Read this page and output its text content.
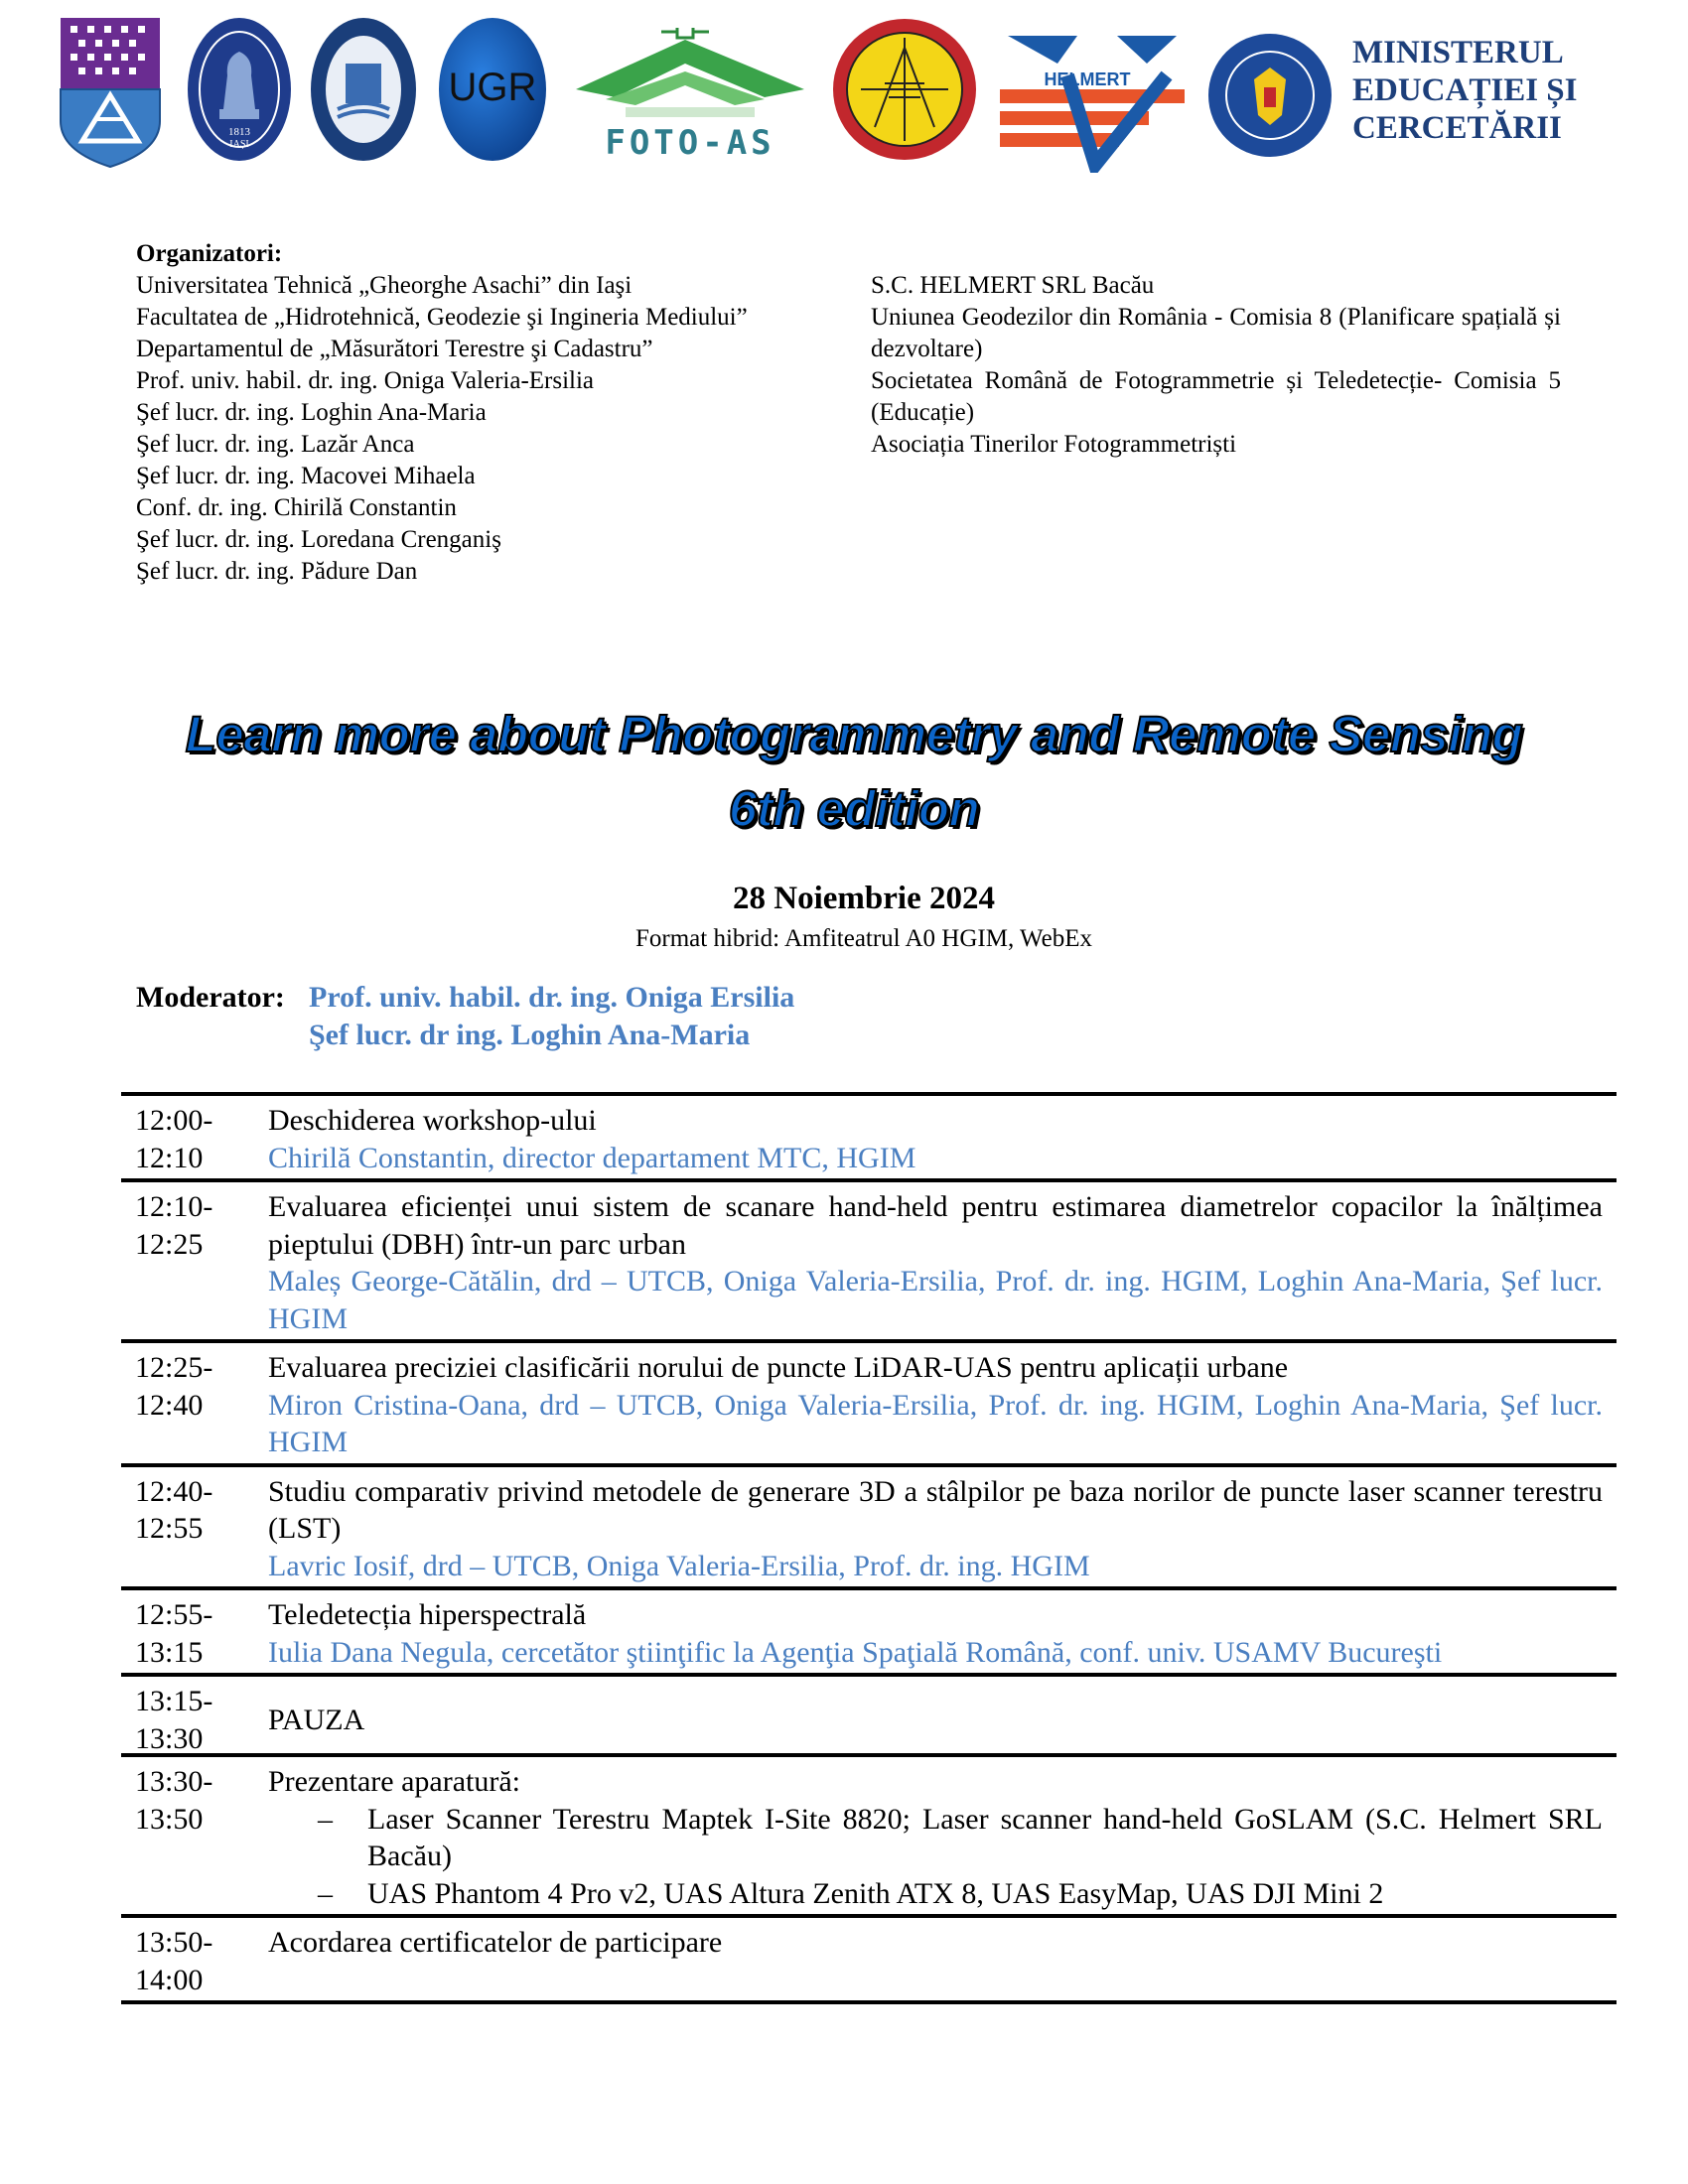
1813
IAȘI
UGR
FOTO-AS
HELMERT
MINISTERUL
EDUCAȚIEI ȘI
CERCETĂRII
Organizatori:
Universitatea Tehnică „Gheorghe Asachi” din Iaşi
Facultatea de „Hidrotehnică, Geodezie şi Ingineria Mediului”
Departamentul de „Măsurători Terestre şi Cadastru”
Prof. univ. habil. dr. ing. Oniga Valeria-Ersilia
Şef lucr. dr. ing. Loghin Ana-Maria
Şef lucr. dr. ing. Lazăr Anca
Şef lucr. dr. ing. Macovei Mihaela
Conf. dr. ing. Chirilă Constantin
Şef lucr. dr. ing. Loredana Crenganiş
Şef lucr. dr. ing. Pădure Dan
S.C. HELMERT SRL Bacău
Uniunea Geodezilor din România - Comisia 8 (Planificare spațială și dezvoltare)
Societatea Română de Fotogrammetrie și Teledetecție- Comisia 5 (Educație)
Asociația Tinerilor Fotogrammetriști
Learn more about Photogrammetry and Remote Sensing
6th edition
28 Noiembrie 2024
Format hibrid: Amfiteatrul A0 HGIM, WebEx
Moderator: Prof. univ. habil. dr. ing. Oniga Ersilia
Şef lucr. dr ing. Loghin Ana-Maria
12:00-
12:10
Deschiderea workshop-ului
Chirilă Constantin, director departament MTC, HGIM
12:10-
12:25
Evaluarea eficienței unui sistem de scanare hand-held pentru estimarea diametrelor copacilor la înălțimea pieptului (DBH) într-un parc urban
Maleș George-Cătălin, drd – UTCB, Oniga Valeria-Ersilia, Prof. dr. ing. HGIM, Loghin Ana-Maria, Şef lucr. HGIM
12:25-
12:40
Evaluarea preciziei clasificării norului de puncte LiDAR-UAS pentru aplicații urbane
Miron Cristina-Oana, drd – UTCB, Oniga Valeria-Ersilia, Prof. dr. ing. HGIM, Loghin Ana-Maria, Şef lucr. HGIM
12:40-
12:55
Studiu comparativ privind metodele de generare 3D a stâlpilor pe baza norilor de puncte laser scanner terestru (LST)
Lavric Iosif, drd – UTCB, Oniga Valeria-Ersilia, Prof. dr. ing. HGIM
12:55-
13:15
Teledetecția hiperspectrală
Iulia Dana Negula, cercetător ştiinţific la Agenţia Spaţială Română, conf. univ. USAMV Bucureşti
13:15-
13:30
PAUZA
13:30-
13:50
Prezentare aparatură:
– Laser Scanner Terestru Maptek I-Site 8820; Laser scanner hand-held GoSLAM (S.C. Helmert SRL Bacău)
– UAS Phantom 4 Pro v2, UAS Altura Zenith ATX 8, UAS EasyMap, UAS DJI Mini 2
13:50-
14:00
Acordarea certificatelor de participare
